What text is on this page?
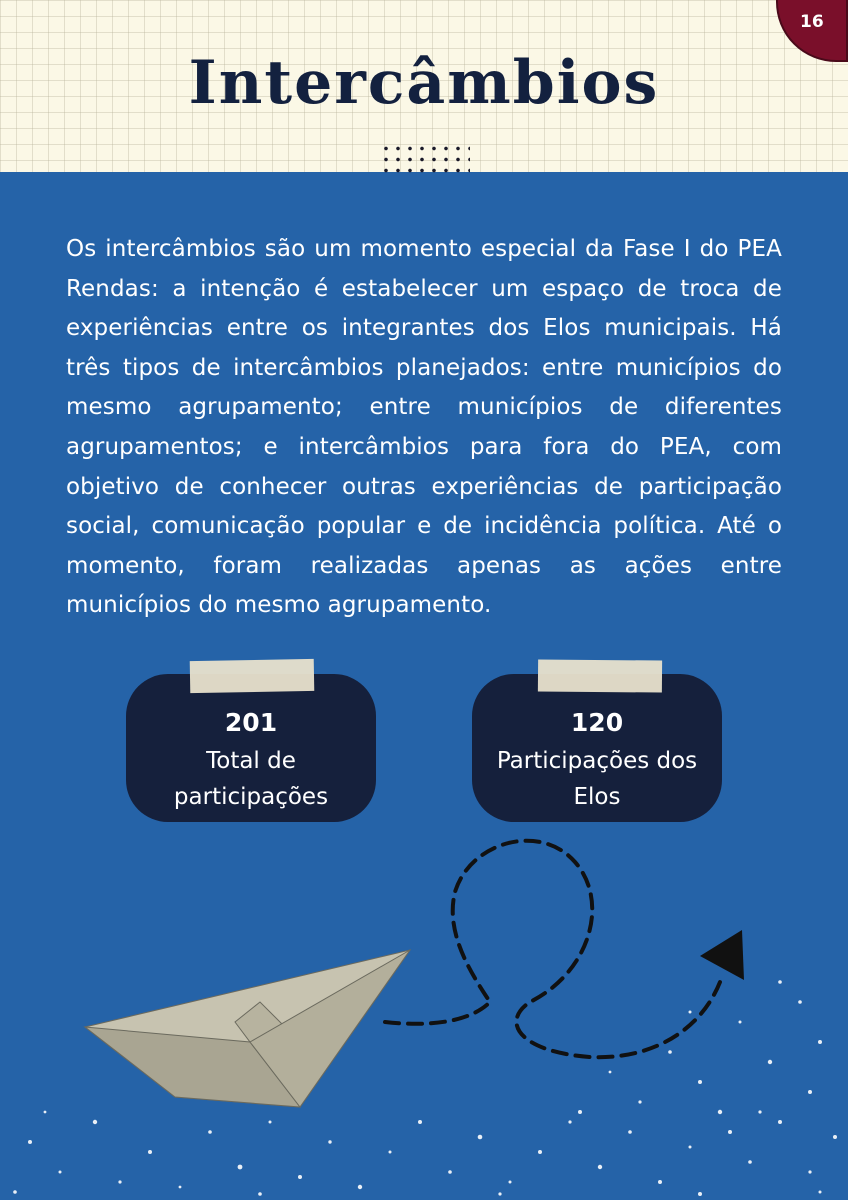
16
Intercâmbios

Os intercâmbios são um momento especial da Fase I do PEA Rendas: a intenção é estabelecer um espaço de troca de experiências entre os integrantes dos Elos municipais. Há três tipos de intercâmbios planejados: entre municípios do mesmo agrupamento; entre municípios de diferentes agrupamentos; e intercâmbios para fora do PEA, com objetivo de conhecer outras experiências de participação social, comunicação popular e de incidência política. Até o momento, foram realizadas apenas as ações entre municípios do mesmo agrupamento.

201
Total de participações
120
Participações dos Elos
